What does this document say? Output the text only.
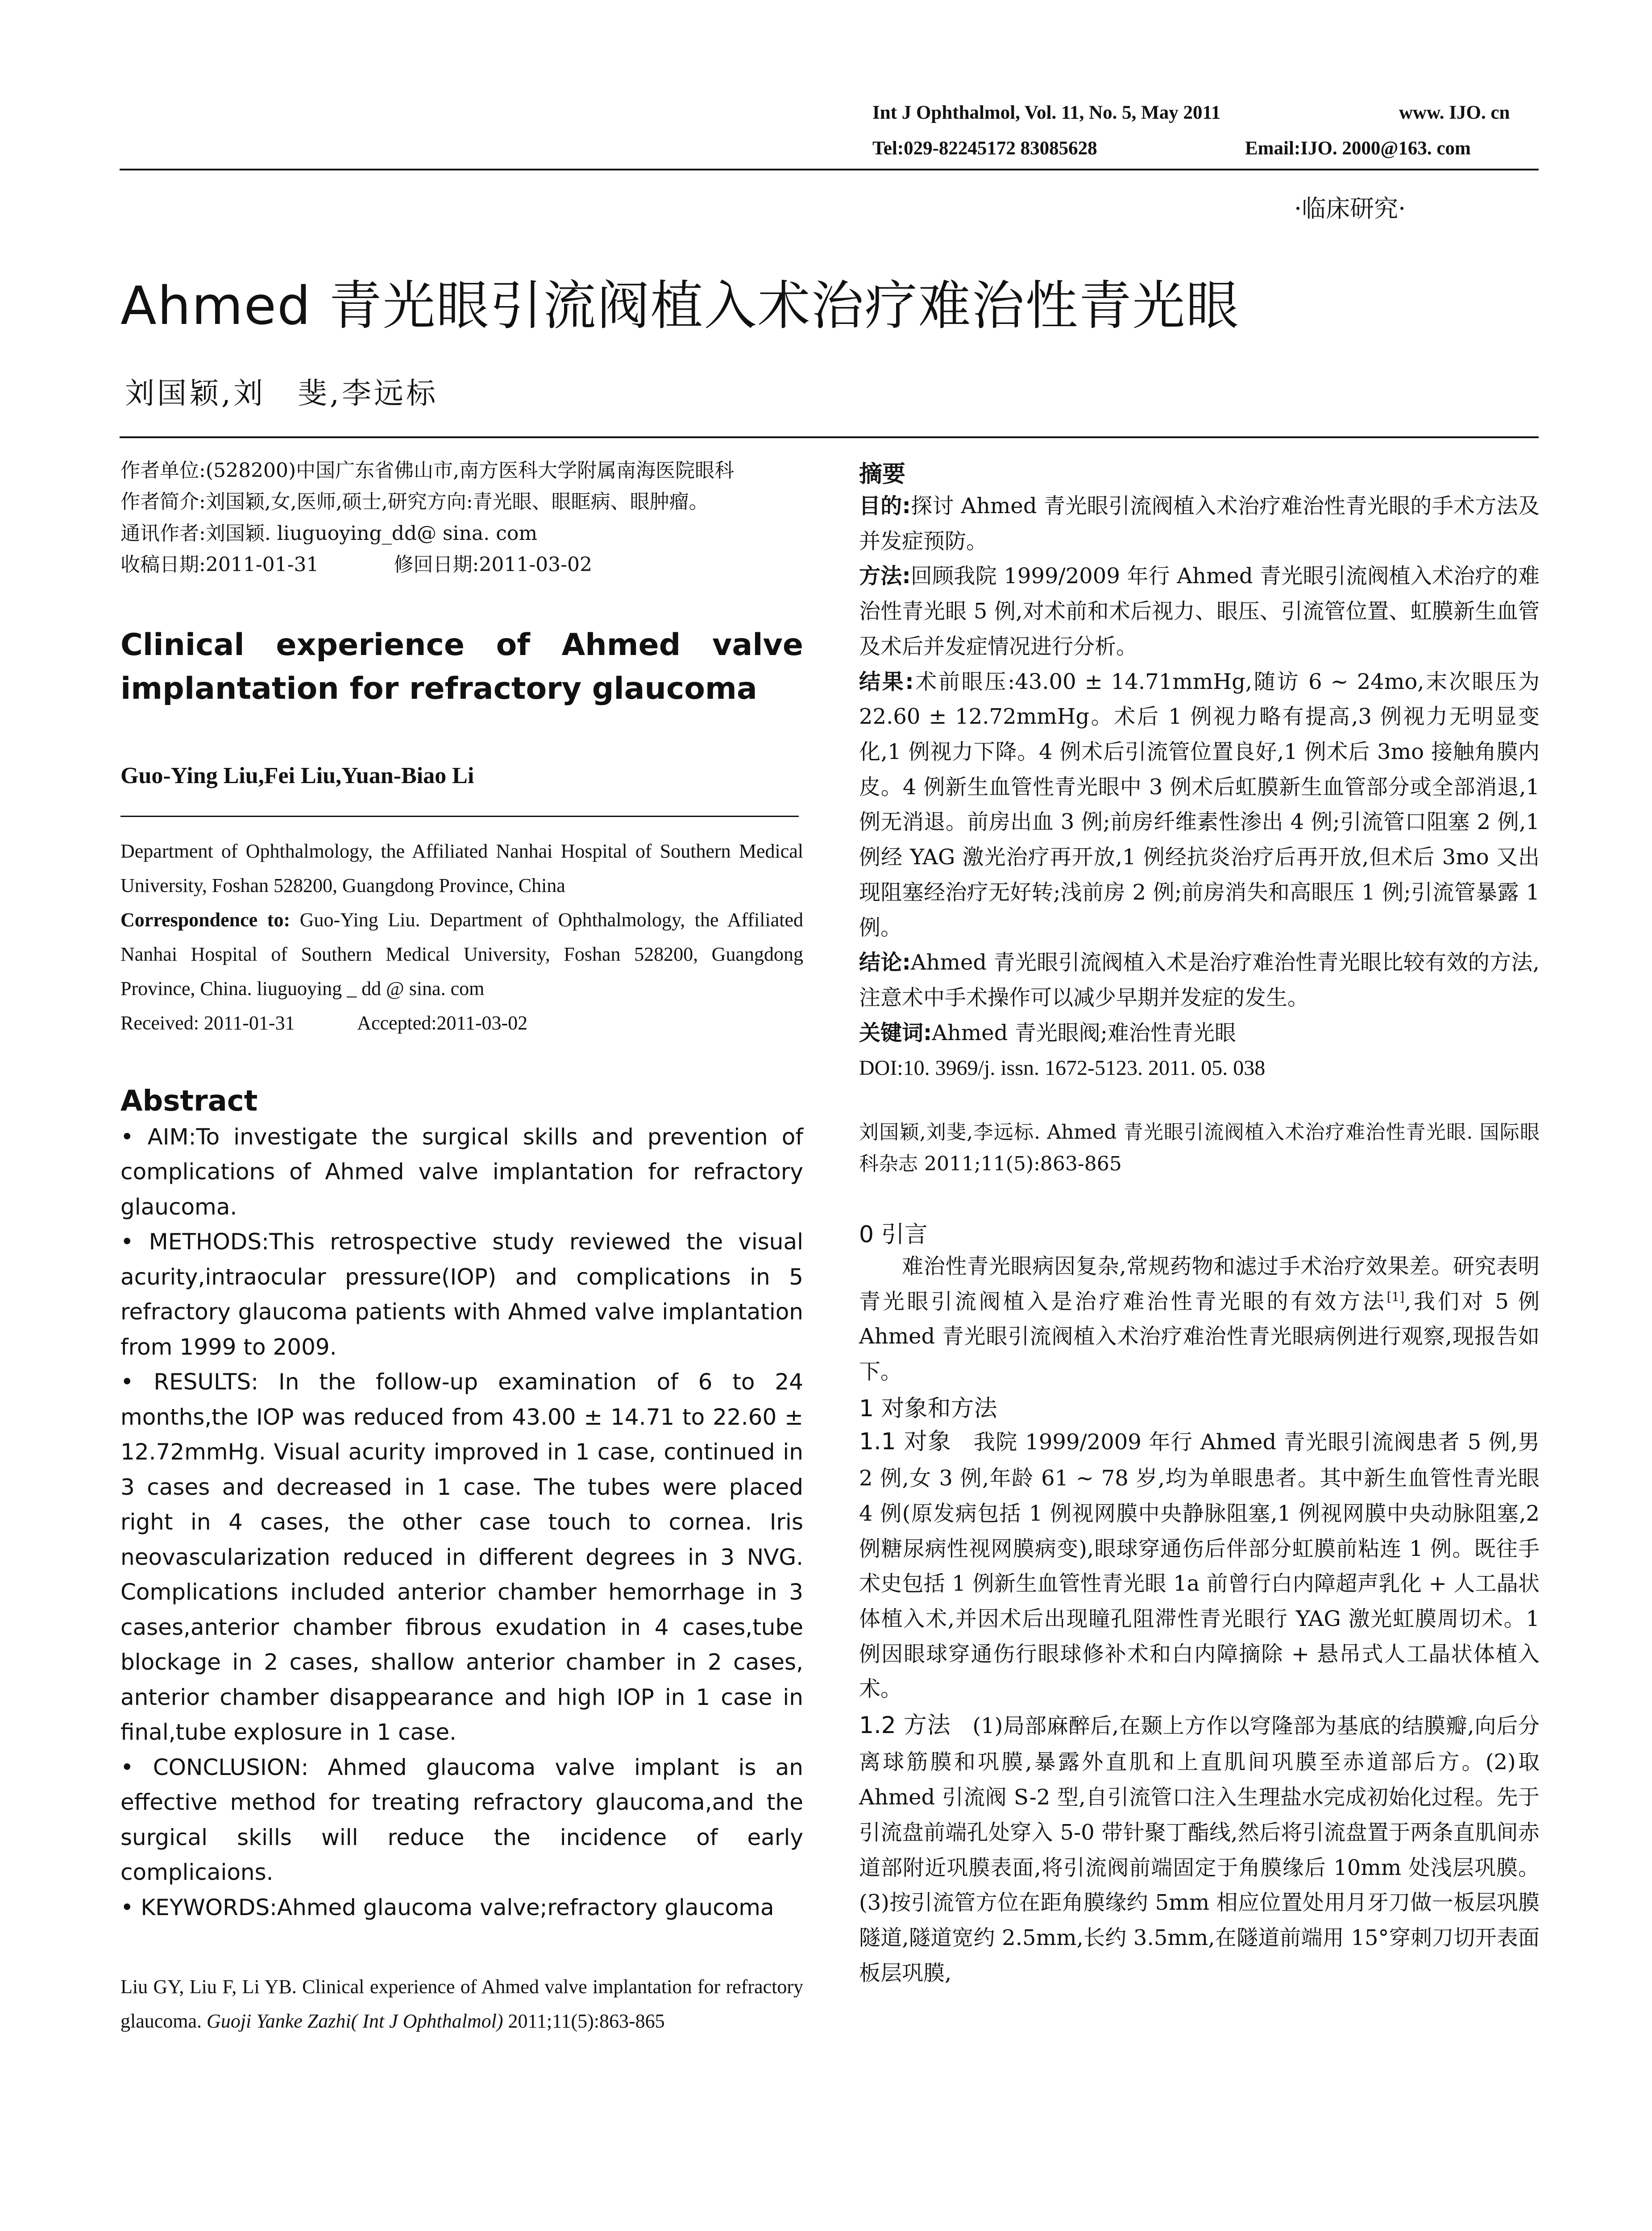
Int J Ophthalmol, Vol. 11, No. 5, May 2011	www. IJO. cn
Tel:029-82245172 83085628	Email:IJO. 2000@163. com
·临床研究·
Ahmed 青光眼引流阀植入术治疗难治性青光眼
刘国颖,刘　斐,李远标
作者单位:(528200)中国广东省佛山市,南方医科大学附属南海医院眼科
作者简介:刘国颖,女,医师,硕士,研究方向:青光眼、眼眶病、眼肿瘤。
通讯作者:刘国颖. liuguoying_dd@ sina. com
收稿日期:2011-01-31	修回日期:2011-03-02
Clinical experience of Ahmed valve implantation for refractory glaucoma
Guo-Ying Liu,Fei Liu,Yuan-Biao Li
Department of Ophthalmology, the Affiliated Nanhai Hospital of Southern Medical University, Foshan 528200, Guangdong Province, China
Correspondence to: Guo-Ying Liu. Department of Ophthalmology, the Affiliated Nanhai Hospital of Southern Medical University, Foshan 528200, Guangdong Province, China. liuguoying _ dd @ sina. com
Received: 2011-01-31	Accepted:2011-03-02
Abstract
• AIM:To investigate the surgical skills and prevention of complications of Ahmed valve implantation for refractory glaucoma.
• METHODS:This retrospective study reviewed the visual acurity,intraocular pressure(IOP) and complications in 5 refractory glaucoma patients with Ahmed valve implantation from 1999 to 2009.
• RESULTS: In the follow-up examination of 6 to 24 months,the IOP was reduced from 43.00 ± 14.71 to 22.60 ± 12.72mmHg. Visual acurity improved in 1 case, continued in 3 cases and decreased in 1 case. The tubes were placed right in 4 cases, the other case touch to cornea. Iris neovascularization reduced in different degrees in 3 NVG. Complications included anterior chamber hemorrhage in 3 cases,anterior chamber fibrous exudation in 4 cases,tube blockage in 2 cases, shallow anterior chamber in 2 cases, anterior chamber disappearance and high IOP in 1 case in final,tube explosure in 1 case.
• CONCLUSION: Ahmed glaucoma valve implant is an effective method for treating refractory glaucoma,and the surgical skills will reduce the incidence of early complicaions.
• KEYWORDS:Ahmed glaucoma valve;refractory glaucoma
Liu GY, Liu F, Li YB. Clinical experience of Ahmed valve implantation for refractory glaucoma. Guoji Yanke Zazhi( Int J Ophthalmol) 2011;11(5):863-865
摘要
目的:探讨 Ahmed 青光眼引流阀植入术治疗难治性青光眼的手术方法及并发症预防。
方法:回顾我院 1999/2009 年行 Ahmed 青光眼引流阀植入术治疗的难治性青光眼 5 例,对术前和术后视力、眼压、引流管位置、虹膜新生血管及术后并发症情况进行分析。
结果:术前眼压:43.00 ± 14.71mmHg,随访 6 ~ 24mo,末次眼压为 22.60 ± 12.72mmHg。术后 1 例视力略有提高,3 例视力无明显变化,1 例视力下降。4 例术后引流管位置良好,1 例术后 3mo 接触角膜内皮。4 例新生血管性青光眼中 3 例术后虹膜新生血管部分或全部消退,1 例无消退。前房出血 3 例;前房纤维素性渗出 4 例;引流管口阻塞 2 例,1 例经 YAG 激光治疗再开放,1 例经抗炎治疗后再开放,但术后 3mo 又出现阻塞经治疗无好转;浅前房 2 例;前房消失和高眼压 1 例;引流管暴露 1 例。
结论:Ahmed 青光眼引流阀植入术是治疗难治性青光眼比较有效的方法,注意术中手术操作可以减少早期并发症的发生。
关键词:Ahmed 青光眼阀;难治性青光眼
DOI:10. 3969/j. issn. 1672-5123. 2011. 05. 038
刘国颖,刘斐,李远标. Ahmed 青光眼引流阀植入术治疗难治性青光眼. 国际眼科杂志 2011;11(5):863-865
0 引言
难治性青光眼病因复杂,常规药物和滤过手术治疗效果差。研究表明青光眼引流阀植入是治疗难治性青光眼的有效方法[1],我们对 5 例 Ahmed 青光眼引流阀植入术治疗难治性青光眼病例进行观察,现报告如下。
1 对象和方法
1.1 对象　我院 1999/2009 年行 Ahmed 青光眼引流阀患者 5 例,男 2 例,女 3 例,年龄 61 ~ 78 岁,均为单眼患者。其中新生血管性青光眼 4 例(原发病包括 1 例视网膜中央静脉阻塞,1 例视网膜中央动脉阻塞,2 例糖尿病性视网膜病变),眼球穿通伤后伴部分虹膜前粘连 1 例。既往手术史包括 1 例新生血管性青光眼 1a 前曾行白内障超声乳化 + 人工晶状体植入术,并因术后出现瞳孔阻滞性青光眼行 YAG 激光虹膜周切术。1 例因眼球穿通伤行眼球修补术和白内障摘除 + 悬吊式人工晶状体植入术。
1.2 方法　(1)局部麻醉后,在颞上方作以穹隆部为基底的结膜瓣,向后分离球筋膜和巩膜,暴露外直肌和上直肌间巩膜至赤道部后方。(2)取 Ahmed 引流阀 S-2 型,自引流管口注入生理盐水完成初始化过程。先于引流盘前端孔处穿入 5-0 带针聚丁酯线,然后将引流盘置于两条直肌间赤道部附近巩膜表面,将引流阀前端固定于角膜缘后 10mm 处浅层巩膜。(3)按引流管方位在距角膜缘约 5mm 相应位置处用月牙刀做一板层巩膜隧道,隧道宽约 2.5mm,长约 3.5mm,在隧道前端用 15°穿刺刀切开表面板层巩膜,
